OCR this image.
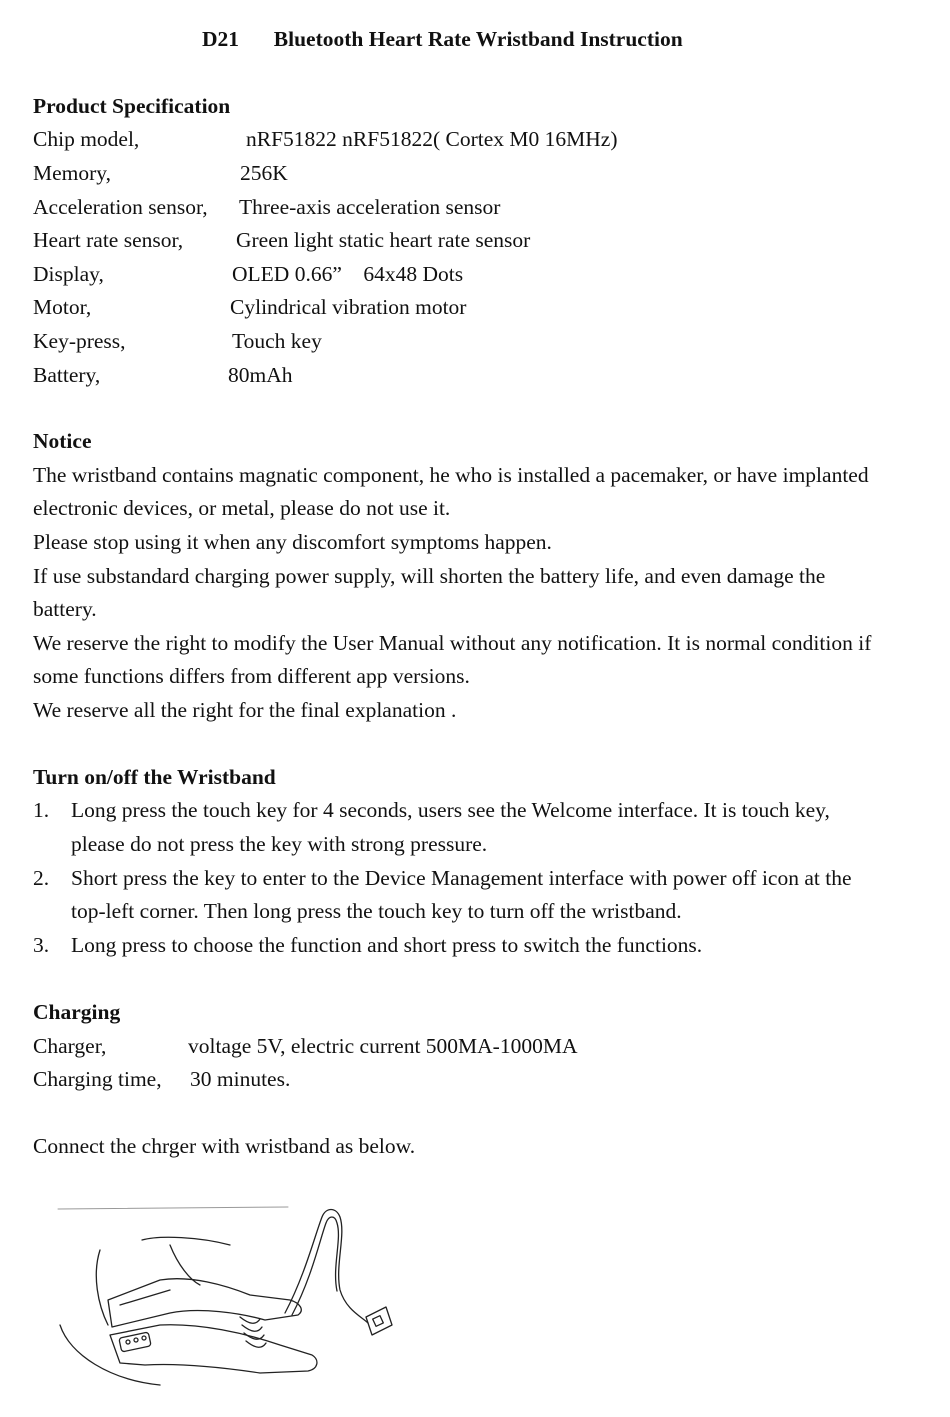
D21 Bluetooth Heart Rate Wristband Instruction
Product Specification
Chip model,	nRF51822 nRF51822( Cortex M0 16MHz)
Memory,	256K
Acceleration sensor, Three-axis acceleration sensor
Heart rate sensor, Green light static heart rate sensor
Display,	OLED 0.66”    64x48 Dots
Motor,	Cylindrical vibration motor
Key-press,	Touch key
Battery,	80mAh
Notice
The wristband contains magnatic component, he who is installed a pacemaker, or have implanted
electronic devices, or metal, please do not use it.
Please stop using it when any discomfort symptoms happen.
If use substandard charging power supply, will shorten the battery life, and even damage the
battery.
We reserve the right to modify the User Manual without any notification. It is normal condition if
some functions differs from different app versions.
We reserve all the right for the final explanation .
Turn on/off the Wristband
1. Long press the touch key for 4 seconds, users see the Welcome interface. It is touch key,
please do not press the key with strong pressure.
2. Short press the key to enter to the Device Management interface with power off icon at the
top-left corner. Then long press the touch key to turn off the wristband.
3. Long press to choose the function and short press to switch the functions.
Charging
Charger,	voltage 5V, electric current 500MA-1000MA
Charging time, 30 minutes.
Connect the chrger with wristband as below.
